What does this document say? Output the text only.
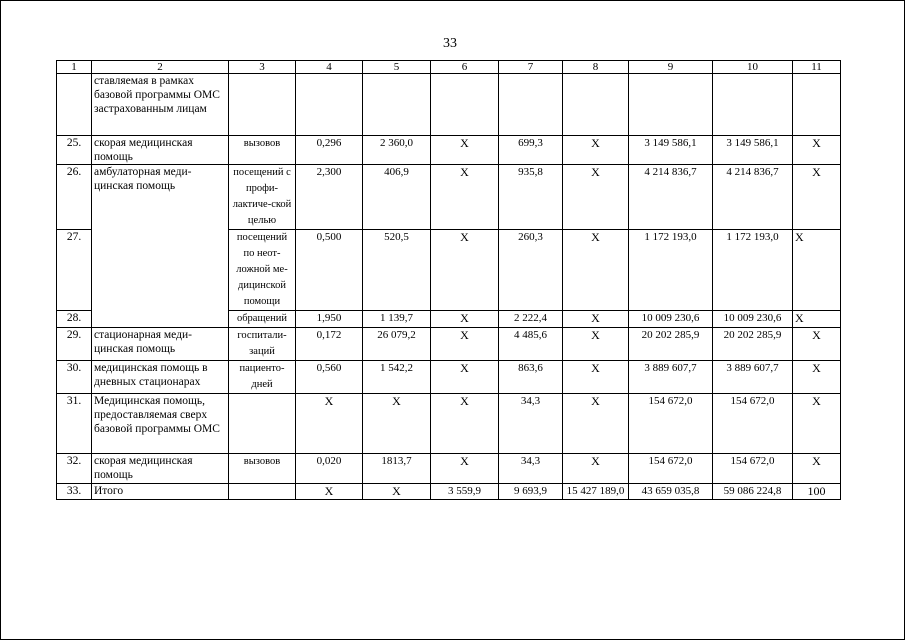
33
1	2	3	4	5	6	7	8	9	10	11
	ставляемая в рамках базовой программы ОМС застрахованным лицам									
25.	скорая медицинская помощь	вызовов	0,296	2 360,0	X	699,3	X	3 149 586,1	3 149 586,1	X
26.	амбулаторная меди-цинская помощь	посещений с профи-лактиче-ской целью	2,300	406,9	X	935,8	X	4 214 836,7	4 214 836,7	X
27.		посещений по неот-ложной ме-дицинской помощи	0,500	520,5	X	260,3	X	1 172 193,0	1 172 193,0	X
28.		обращений	1,950	1 139,7	X	2 222,4	X	10 009 230,6	10 009 230,6	X
29.	стационарная меди-цинская помощь	госпитали-заций	0,172	26 079,2	X	4 485,6	X	20 202 285,9	20 202 285,9	X
30.	медицинская помощь в дневных стационарах	пациенто-дней	0,560	1 542,2	X	863,6	X	3 889 607,7	3 889 607,7	X
31.	Медицинская помощь, предоставляемая сверх базовой программы ОМС		X	X	X	34,3	X	154 672,0	154 672,0	X
32.	скорая медицинская помощь	вызовов	0,020	1813,7	X	34,3	X	154 672,0	154 672,0	X
33.	Итого		X	X	3 559,9	9 693,9	15 427 189,0	43 659 035,8	59 086 224,8	100
